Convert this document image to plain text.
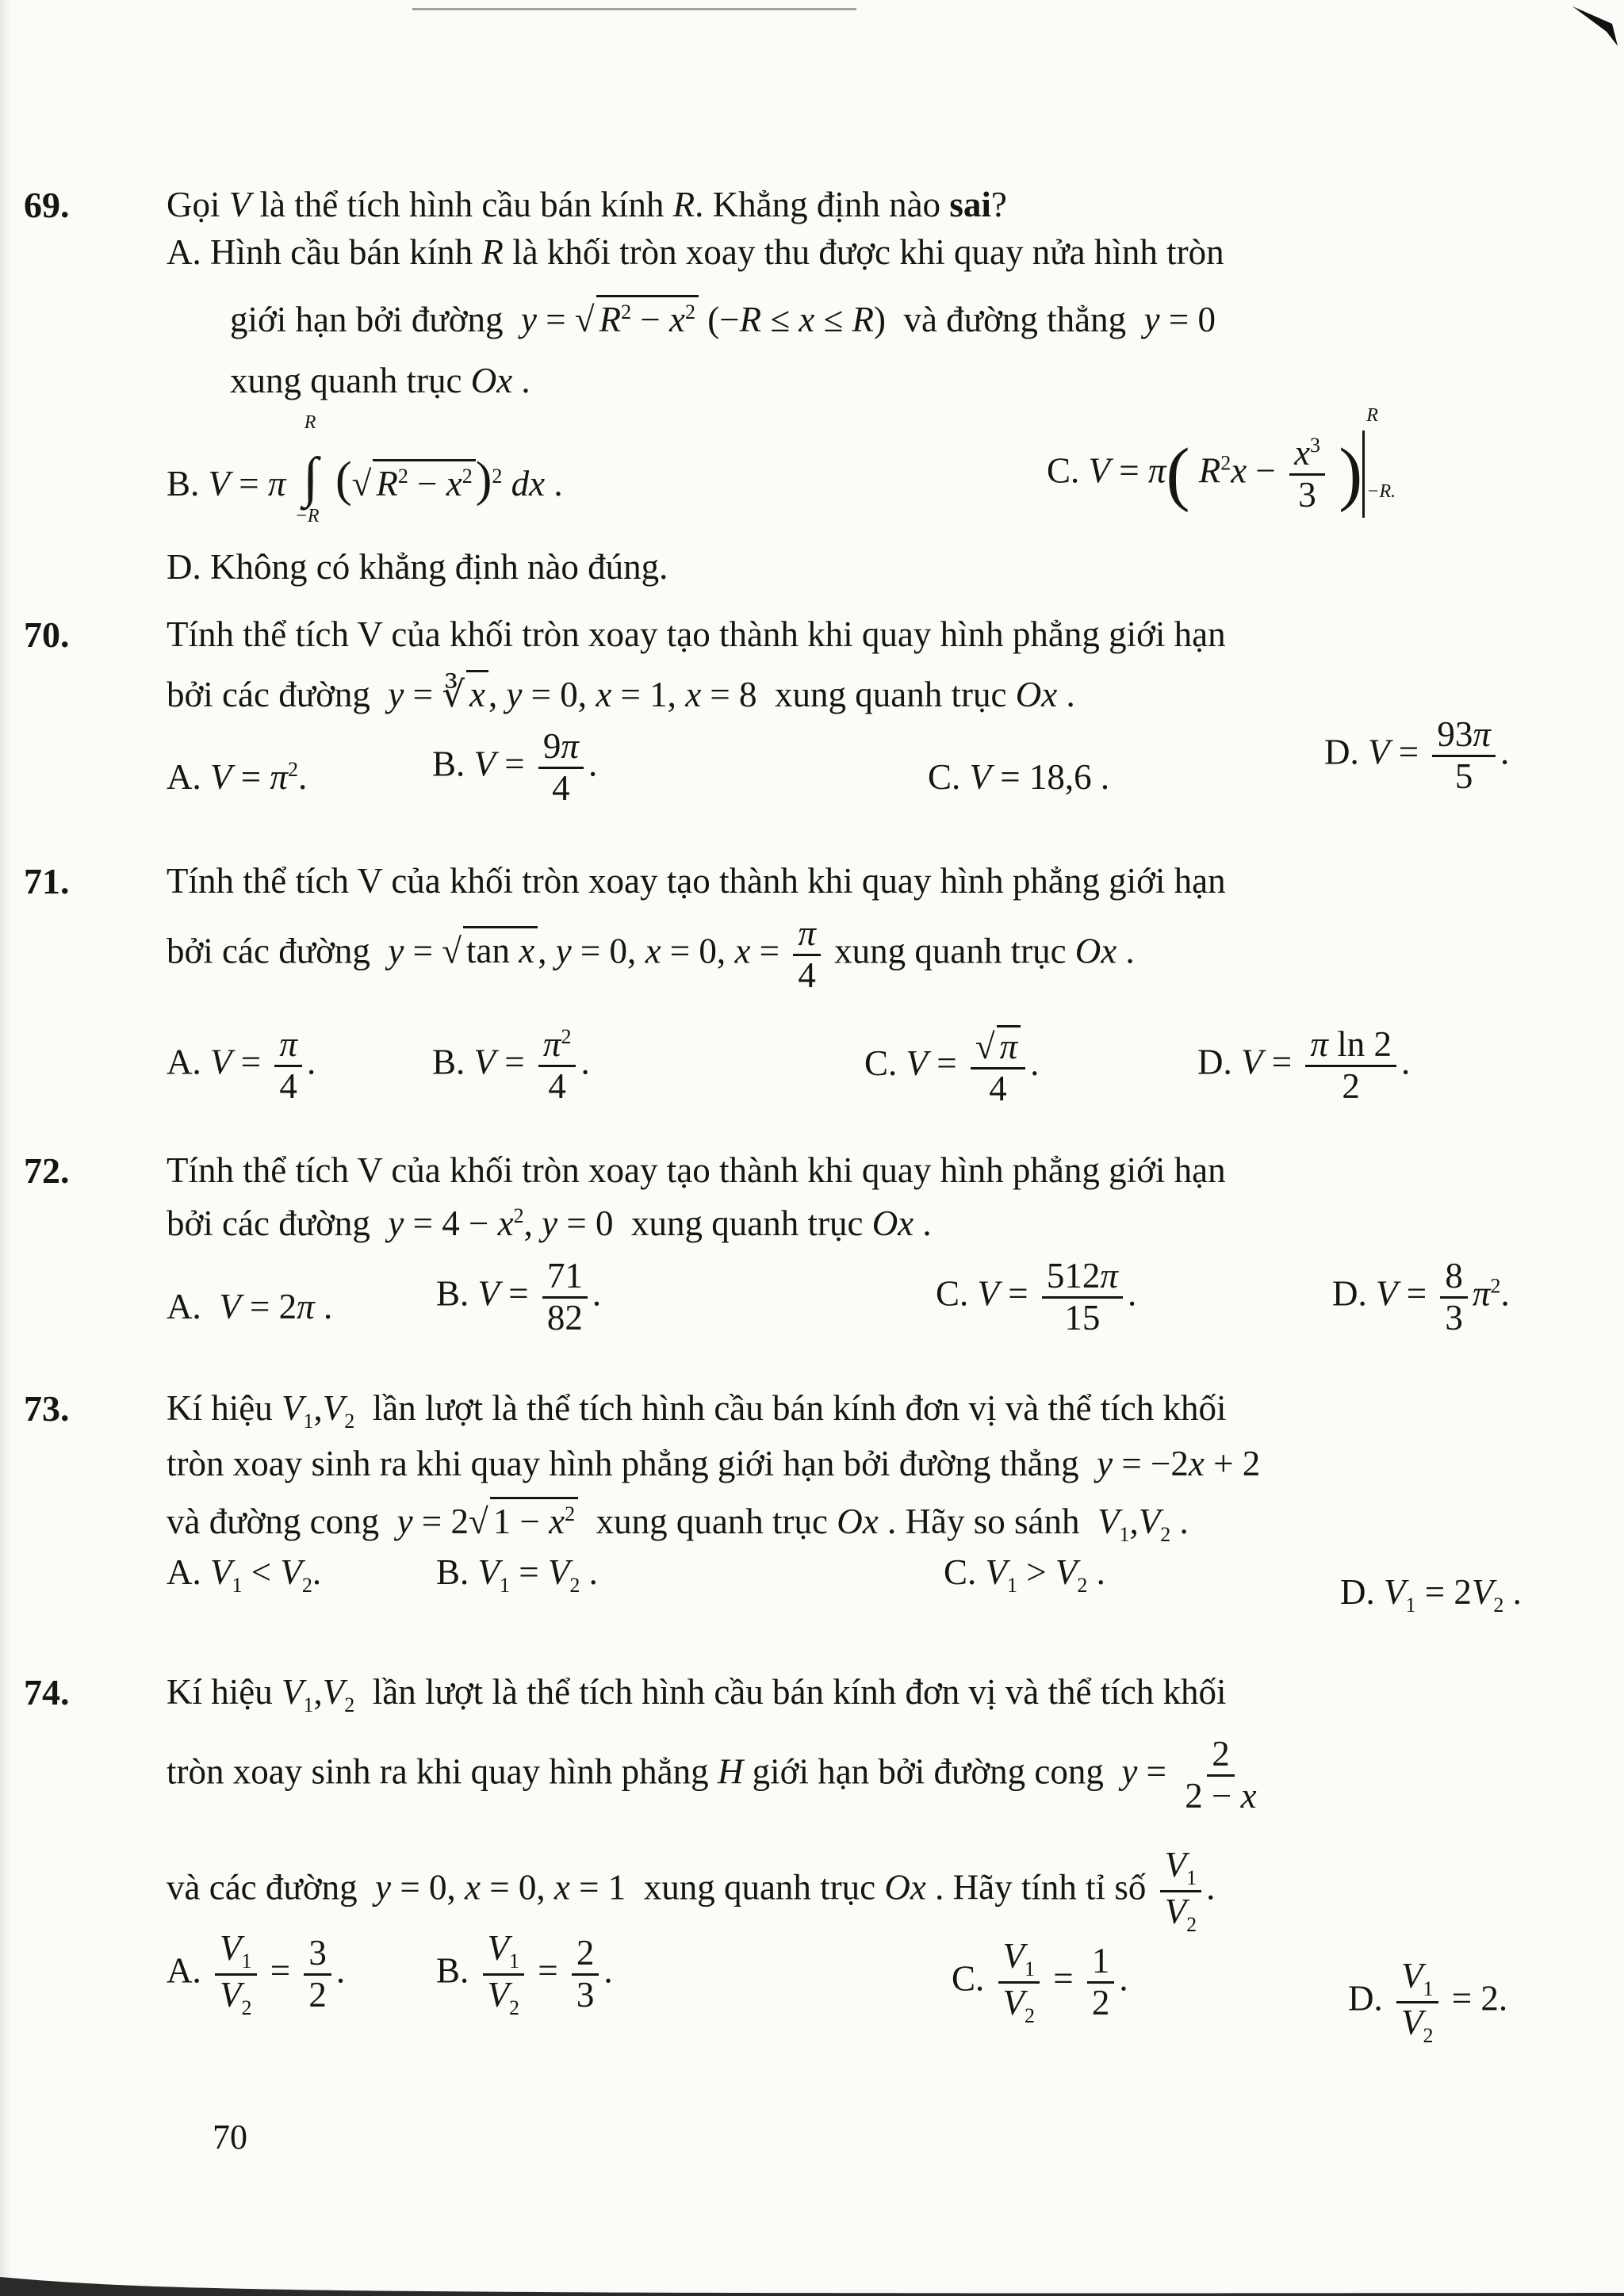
69.	Gọi V là thể tích hình cầu bán kính R. Khẳng định nào sai?
A. Hình cầu bán kính R là khối tròn xoay thu được khi quay nửa hình tròn
giới hạn bởi đường  y = √ $R^2 - x^2$ (−R ≤ x ≤ R)  và đường thẳng  y = 0
xung quanh trục Ox .
B. V = π
R
∫
−R
(√ $R^2 - x^2)^2$ dx .	C. V = π( $R^2x - \frac{x^3}{3}$ )
R
−R.
D. Không có khẳng định nào đúng.
70.	Tính thể tích V của khối tròn xoay tạo thành khi quay hình phẳng giới hạn
bởi các đường  y = ∛ x, y = 0, x = 1, x = 8  xung quanh trục Ox .
A. $V = \pi^2$.	B. $V = \frac{9\pi}{4}$ .	C. V = 18,6 .
D. $V = \frac{93\pi}{5}$ .
71.	Tính thể tích V của khối tròn xoay tạo thành khi quay hình phẳng giới hạn
bởi các đường  y = √ tan x, y = 0, x = 0, $x = \frac{\pi}{4}$ xung quanh trục Ox .
A. $V = \frac{\pi}{4}$ .	B. $V = \frac{\pi^2}{4}$ .	C. $V = \frac{√ \pi}{4}$ .	D. $V = \frac{\text{π ln 2}}{2}$ .
72.	Tính thể tích V của khối tròn xoay tạo thành khi quay hình phẳng giới hạn
bởi các đường  $y = 4 - x^2$, y = 0  xung quanh trục Ox .
A.  V = 2π .	B. $V = \frac{71}{82}$ .	C. $V = \frac{512\pi}{15}$ .	D. $V = \frac{8}{3} \pi^2$.
73.	Kí hiệu $V_1,V_2$  lần lượt là thể tích hình cầu bán kính đơn vị và thể tích khối
tròn xoay sinh ra khi quay hình phẳng giới hạn bởi đường thẳng  y = −2x + 2
và đường cong  y = 2√ $1 - x^2$  xung quanh trục Ox . Hãy so sánh  $V_1,V_2$ .
A. $V_1 < V_2$.	B. $V_1 = V_2$ .	C. $V_1 > V_2$ .	D. $V_1 = 2V_2$ .
74.	Kí hiệu $V_1,V_2$  lần lượt là thể tích hình cầu bán kính đơn vị và thể tích khối
tròn xoay sinh ra khi quay hình phẳng H giới hạn bởi đường cong  $y = \frac{2}{2 - x}$
và các đường  y = 0, x = 0, x = 1  xung quanh trục Ox . Hãy tính tỉ số $\frac{V_1}{V_2}$ .
A. $\frac{V_1}{V_2} = \frac{3}{2}$ .	B. $\frac{V_1}{V_2} = \frac{2}{3}$ .	C. $\frac{V_1}{V_2} = \frac{1}{2}$ .	D. $\frac{V_1}{V_2} = 2$.
70
